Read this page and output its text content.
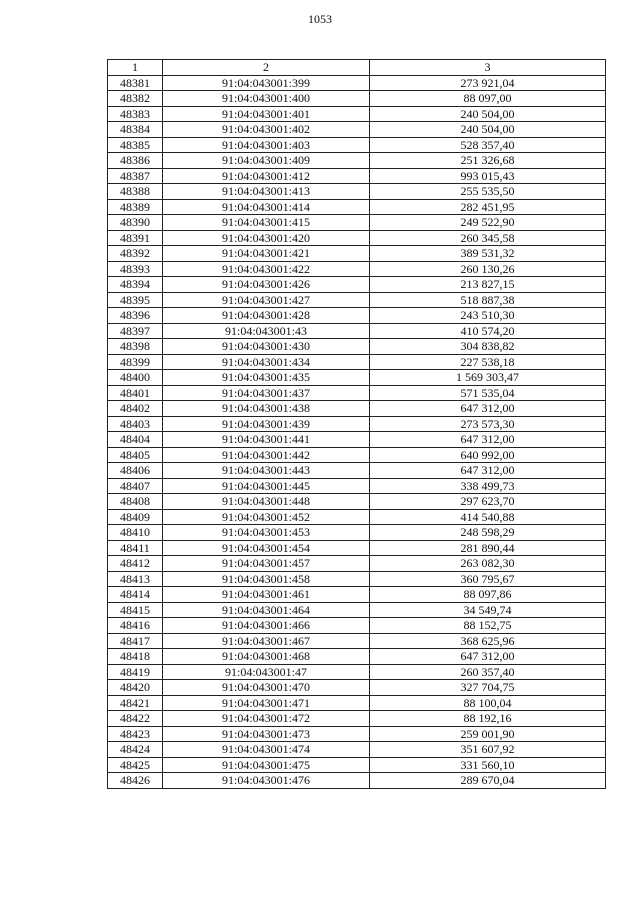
1053
1	2	3
48381	91:04:043001:399	273 921,04
48382	91:04:043001:400	88 097,00
48383	91:04:043001:401	240 504,00
48384	91:04:043001:402	240 504,00
48385	91:04:043001:403	528 357,40
48386	91:04:043001:409	251 326,68
48387	91:04:043001:412	993 015,43
48388	91:04:043001:413	255 535,50
48389	91:04:043001:414	282 451,95
48390	91:04:043001:415	249 522,90
48391	91:04:043001:420	260 345,58
48392	91:04:043001:421	389 531,32
48393	91:04:043001:422	260 130,26
48394	91:04:043001:426	213 827,15
48395	91:04:043001:427	518 887,38
48396	91:04:043001:428	243 510,30
48397	91:04:043001:43	410 574,20
48398	91:04:043001:430	304 838,82
48399	91:04:043001:434	227 538,18
48400	91:04:043001:435	1 569 303,47
48401	91:04:043001:437	571 535,04
48402	91:04:043001:438	647 312,00
48403	91:04:043001:439	273 573,30
48404	91:04:043001:441	647 312,00
48405	91:04:043001:442	640 992,00
48406	91:04:043001:443	647 312,00
48407	91:04:043001:445	338 499,73
48408	91:04:043001:448	297 623,70
48409	91:04:043001:452	414 540,88
48410	91:04:043001:453	248 598,29
48411	91:04:043001:454	281 890,44
48412	91:04:043001:457	263 082,30
48413	91:04:043001:458	360 795,67
48414	91:04:043001:461	88 097,86
48415	91:04:043001:464	34 549,74
48416	91:04:043001:466	88 152,75
48417	91:04:043001:467	368 625,96
48418	91:04:043001:468	647 312,00
48419	91:04:043001:47	260 357,40
48420	91:04:043001:470	327 704,75
48421	91:04:043001:471	88 100,04
48422	91:04:043001:472	88 192,16
48423	91:04:043001:473	259 001,90
48424	91:04:043001:474	351 607,92
48425	91:04:043001:475	331 560,10
48426	91:04:043001:476	289 670,04
